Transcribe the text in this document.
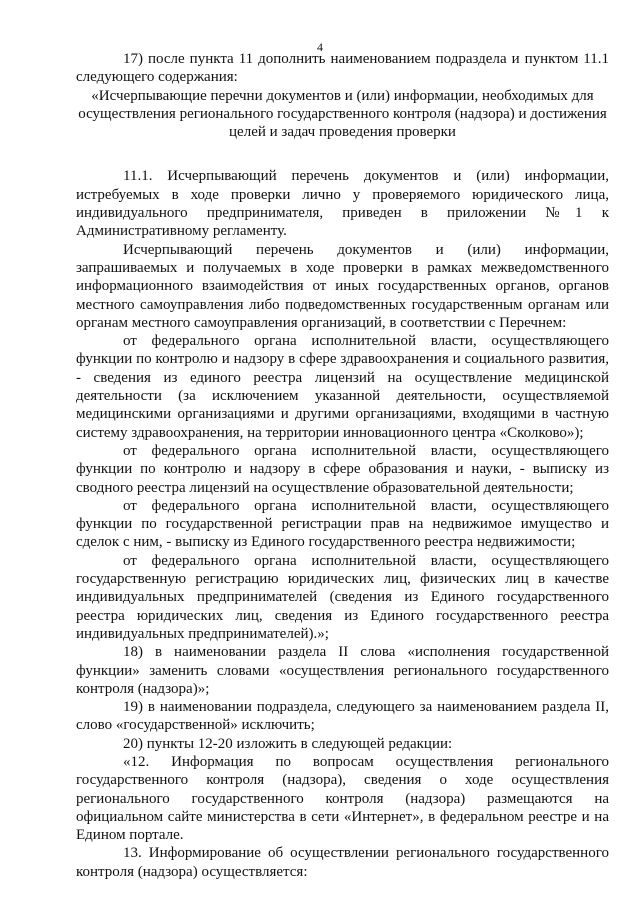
4

17) после пункта 11 дополнить наименованием подраздела и пунктом 11.1 следующего содержания:

«Исчерпывающие перечни документов и (или) информации, необходимых для осуществления регионального государственного контроля (надзора) и достижения целей и задач проведения проверки

11.1. Исчерпывающий перечень документов и (или) информации, истребуемых в ходе проверки лично у проверяемого юридического лица, индивидуального предпринимателя, приведен в приложении №1 к Административному регламенту.

Исчерпывающий перечень документов и (или) информации, запрашиваемых и получаемых в ходе проверки в рамках межведомственного информационного взаимодействия от иных государственных органов, органов местного самоуправления либо подведомственных государственным органам или органам местного самоуправления организаций, в соответствии с Перечнем:

от федерального органа исполнительной власти, осуществляющего функции по контролю и надзору в сфере здравоохранения и социального развития, - сведения из единого реестра лицензий на осуществление медицинской деятельности (за исключением указанной деятельности, осуществляемой медицинскими организациями и другими организациями, входящими в частную систему здравоохранения, на территории инновационного центра «Сколково»);

от федерального органа исполнительной власти, осуществляющего функции по контролю и надзору в сфере образования и науки, - выписку из сводного реестра лицензий на осуществление образовательной деятельности;

от федерального органа исполнительной власти, осуществляющего функции по государственной регистрации прав на недвижимое имущество и сделок с ним, - выписку из Единого государственного реестра недвижимости;

от федерального органа исполнительной власти, осуществляющего государственную регистрацию юридических лиц, физических лиц в качестве индивидуальных предпринимателей (сведения из Единого государственного реестра юридических лиц, сведения из Единого государственного реестра индивидуальных предпринимателей).»;

18) в наименовании раздела II слова «исполнения государственной функции» заменить словами «осуществления регионального государственного контроля (надзора)»;

19) в наименовании подраздела, следующего за наименованием раздела II, слово «государственной» исключить;

20) пункты 12-20 изложить в следующей редакции:

«12. Информация по вопросам осуществления регионального государственного контроля (надзора), сведения о ходе осуществления регионального государственного контроля (надзора) размещаются на официальном сайте министерства в сети «Интернет», в федеральном реестре и на Едином портале.

13. Информирование об осуществлении регионального государственного контроля (надзора) осуществляется:
